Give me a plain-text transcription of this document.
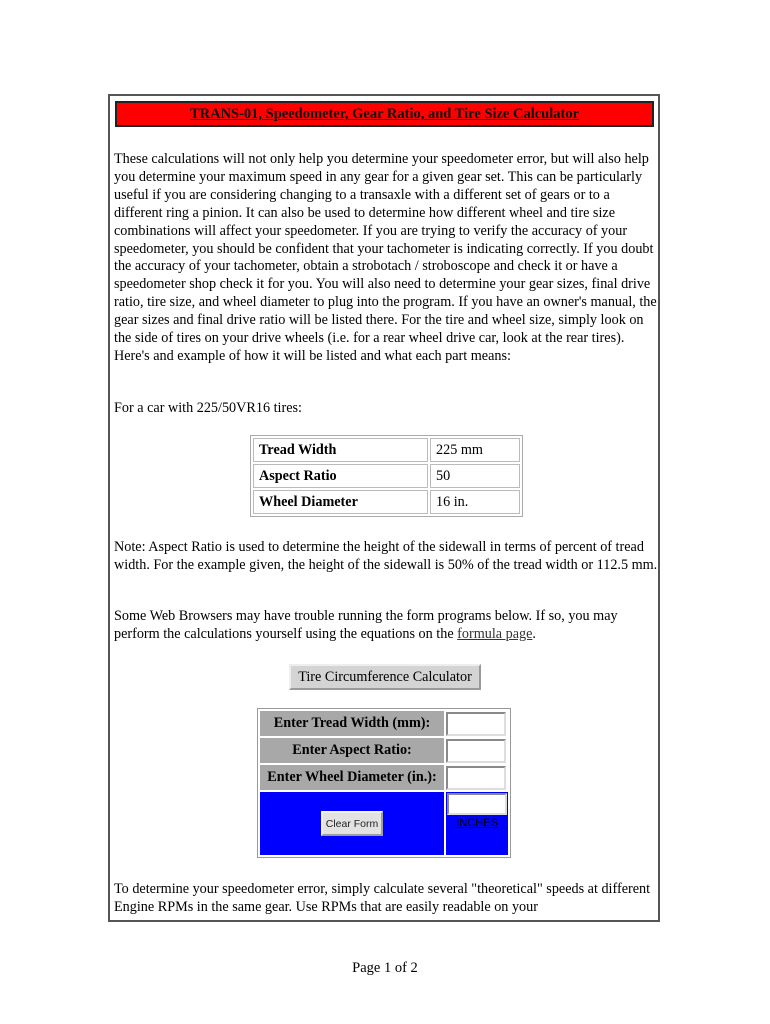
TRANS-01, Speedometer, Gear Ratio, and Tire Size Calculator
These calculations will not only help you determine your speedometer error, but will also help you determine your maximum speed in any gear for a given gear set. This can be particularly useful if you are considering changing to a transaxle with a different set of gears or to a different ring a pinion. It can also be used to determine how different wheel and tire size combinations will affect your speedometer. If you are trying to verify the accuracy of your speedometer, you should be confident that your tachometer is indicating correctly. If you doubt the accuracy of your tachometer, obtain a strobotach / stroboscope and check it or have a speedometer shop check it for you. You will also need to determine your gear sizes, final drive ratio, tire size, and wheel diameter to plug into the program. If you have an owner's manual, the gear sizes and final drive ratio will be listed there. For the tire and wheel size, simply look on the side of tires on your drive wheels (i.e. for a rear wheel drive car, look at the rear tires). Here's and example of how it will be listed and what each part means:
For a car with 225/50VR16 tires:
Tread Width	225 mm
Aspect Ratio	50
Wheel Diameter	16 in.
Note: Aspect Ratio is used to determine the height of the sidewall in terms of percent of tread width. For the example given, the height of the sidewall is 50% of the tread width or 112.5 mm.
Some Web Browsers may have trouble running the form programs below. If so, you may perform the calculations yourself using the equations on the formula page.
Tire Circumference Calculator
Enter Tread Width (mm):	

Enter Aspect Ratio:	

Enter Wheel Diameter (in.):	

Clear Form	INCHES
To determine your speedometer error, simply calculate several "theoretical" speeds at different Engine RPMs in the same gear. Use RPMs that are easily readable on your
Page 1 of 2
